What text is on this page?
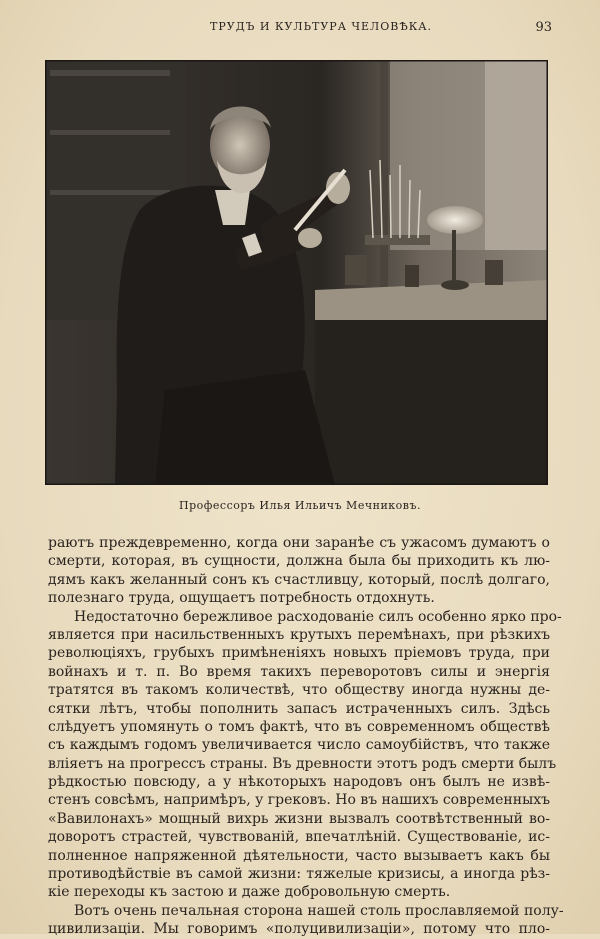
ТРУДЪ И КУЛЬТУРА ЧЕЛОВѢКА.	93
Профессоръ Илья Ильичъ Мечниковъ.
раютъ преждевременно, когда они заранѣе съ ужасомъ думаютъ о
смерти, которая, въ сущности, должна была бы приходить къ лю-
дямъ какъ желанный сонъ къ счастливцу, который, послѣ долгаго,
полезнаго труда, ощущаетъ потребность отдохнуть.
Недостаточно бережливое расходованіе силъ особенно ярко про-
является при насильственныхъ крутыхъ перемѣнахъ, при рѣзкихъ
революціяхъ, грубыхъ примѣненіяхъ новыхъ пріемовъ труда, при
войнахъ и т. п. Во время такихъ переворотовъ силы и энергія
тратятся въ такомъ количествѣ, что обществу иногда нужны де-
сятки лѣтъ, чтобы пополнить запасъ истраченныхъ силъ. Здѣсь
слѣдуетъ упомянуть о томъ фактѣ, что въ современномъ обществѣ
съ каждымъ годомъ увеличивается число самоубійствъ, что также
вліяетъ на прогрессъ страны. Въ древности этотъ родъ смерти былъ
рѣдкостью повсюду, а у нѣкоторыхъ народовъ онъ былъ не извѣ-
стенъ совсѣмъ, напримѣръ, у грековъ. Но въ нашихъ современныхъ
«Вавилонахъ» мощный вихрь жизни вызвалъ соотвѣтственный во-
доворотъ страстей, чувствованій, впечатлѣній. Существованіе, ис-
полненное напряженной дѣятельности, часто вызываетъ какъ бы
противодѣйствіе въ самой жизни: тяжелые кризисы, а иногда рѣз-
кіе переходы къ застою и даже добровольную смерть.
Вотъ очень печальная сторона нашей столь прославляемой полу-
цивилизаціи. Мы говоримъ «полуцивилизаціи», потому что пло-
